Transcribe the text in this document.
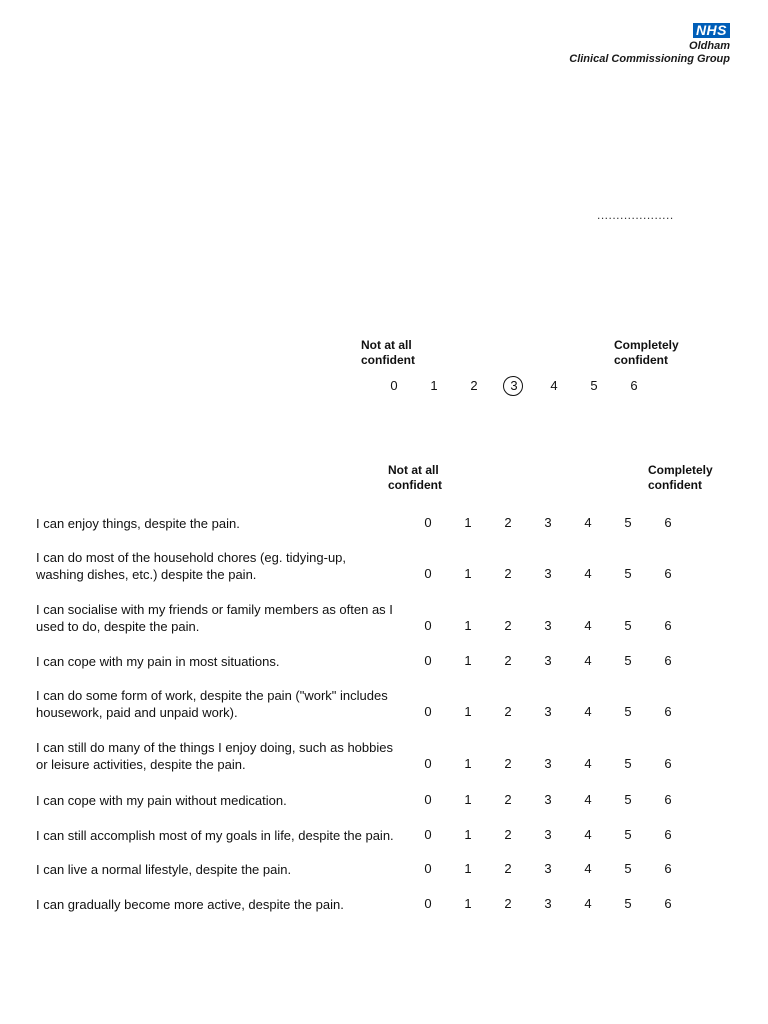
NHS
Oldham
Clinical Commissioning Group
....................
Not at all
confident
Completely
confident
0	1	2	3	4	5	6
Not at all
confident
Completely
confident
I can enjoy things, despite the pain.	0	1	2	3	4	5	6
I can do most of the household chores (eg. tidying-up, washing dishes, etc.) despite the pain.	0	1	2	3	4	5	6
I can socialise with my friends or family members as often as I used to do, despite the pain.	0	1	2	3	4	5	6
I can cope with my pain in most situations.	0	1	2	3	4	5	6
I can do some form of work, despite the pain ("work" includes housework, paid and unpaid work).	0	1	2	3	4	5	6
I can still do many of the things I enjoy doing, such as hobbies or leisure activities, despite the pain.	0	1	2	3	4	5	6
I can cope with my pain without medication.	0	1	2	3	4	5	6
I can still accomplish most of my goals in life, despite the pain.	0	1	2	3	4	5	6
I can live a normal lifestyle, despite the pain.	0	1	2	3	4	5	6
I can gradually become more active, despite the pain.	0	1	2	3	4	5	6
